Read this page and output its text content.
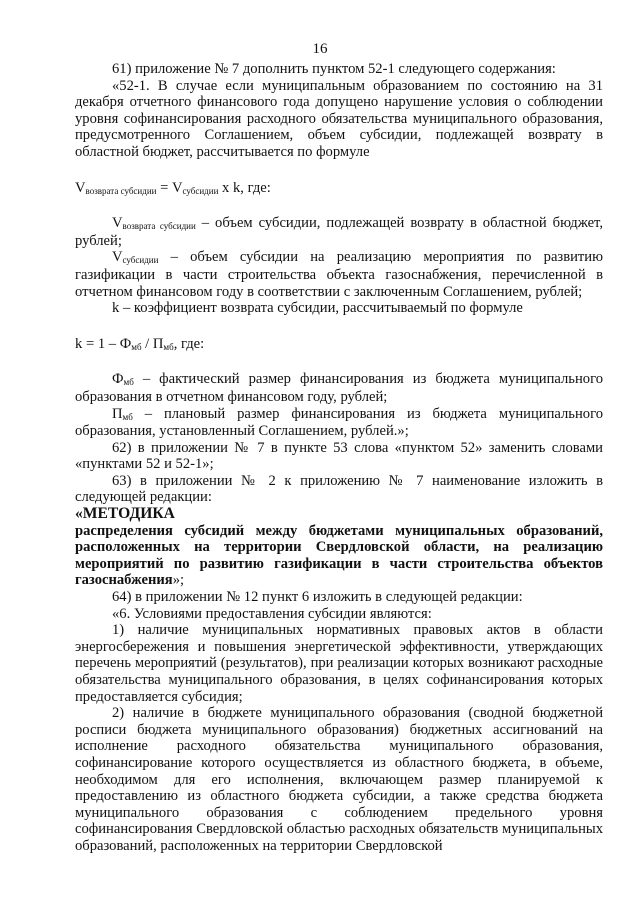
16

61) приложение № 7 дополнить пунктом 52-1 следующего содержания:

«52-1. В случае если муниципальным образованием по состоянию на 31 декабря отчетного финансового года допущено нарушение условия о соблюдении уровня софинансирования расходного обязательства муниципального образования, предусмотренного Соглашением, объем субсидии, подлежащей возврату в областной бюджет, рассчитывается по формуле

$V_{возврата субсидии} = V_{субсидии}$ x k, где:

$V_{возврата субсидии}$ – объем субсидии, подлежащей возврату в областной бюджет, рублей;

$V_{субсидии}$ – объем субсидии на реализацию мероприятия по развитию газификации в части строительства объекта газоснабжения, перечисленной в отчетном финансовом году в соответствии с заключенным Соглашением, рублей;

k – коэффициент возврата субсидии, рассчитываемый по формуле

$k = 1 - Ф_{мб} / П_{мб}$, где:

$Ф_{мб}$ – фактический размер финансирования из бюджета муниципального образования в отчетном финансовом году, рублей;

$П_{мб}$ – плановый размер финансирования из бюджета муниципального образования, установленный Соглашением, рублей.»;

62) в приложении № 7 в пункте 53 слова «пунктом 52» заменить словами «пунктами 52 и 52-1»;

63) в приложении № 2 к приложению № 7 наименование изложить в следующей редакции:

«МЕТОДИКА

распределения субсидий между бюджетами муниципальных образований, расположенных на территории Свердловской области, на реализацию мероприятий по развитию газификации в части строительства объектов газоснабжения»;

64) в приложении № 12 пункт 6 изложить в следующей редакции:

«6. Условиями предоставления субсидии являются:

1) наличие муниципальных нормативных правовых актов в области энергосбережения и повышения энергетической эффективности, утверждающих перечень мероприятий (результатов), при реализации которых возникают расходные обязательства муниципального образования, в целях софинансирования которых предоставляется субсидия;

2) наличие в бюджете муниципального образования (сводной бюджетной росписи бюджета муниципального образования) бюджетных ассигнований на исполнение расходного обязательства муниципального образования, софинансирование которого осуществляется из областного бюджета, в объеме, необходимом для его исполнения, включающем размер планируемой к предоставлению из областного бюджета субсидии, а также средства бюджета муниципального образования с соблюдением предельного уровня софинансирования Свердловской областью расходных обязательств муниципальных образований, расположенных на территории Свердловской
